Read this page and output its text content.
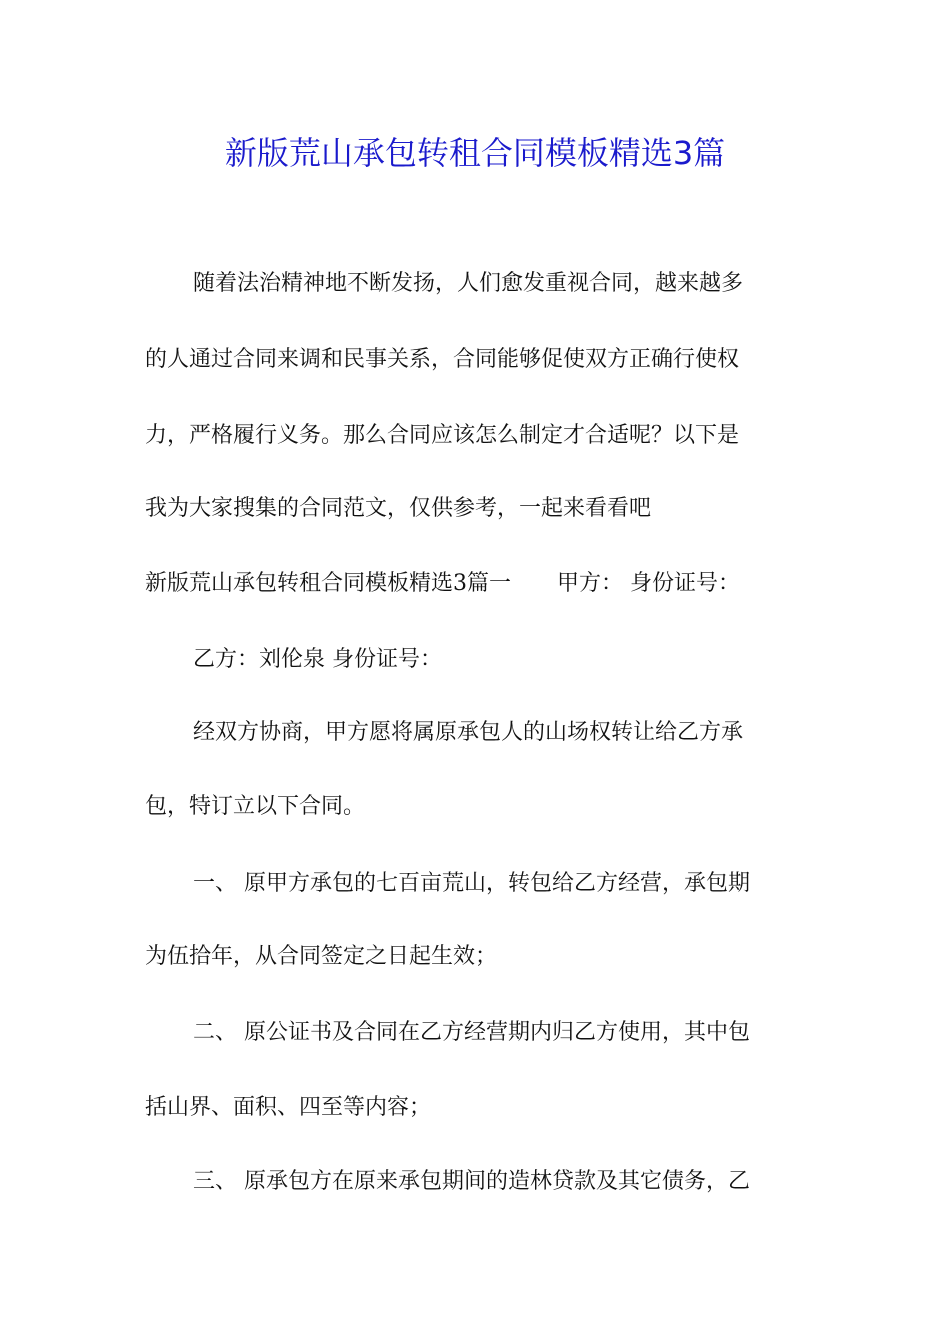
新版荒山承包转租合同模板精选3篇

随着法治精神地不断发扬，人们愈发重视合同，越来越多

的人通过合同来调和民事关系，合同能够促使双方正确行使权

力，严格履行义务。那么合同应该怎么制定才合适呢？以下是

我为大家搜集的合同范文，仅供参考，一起来看看吧

新版荒山承包转租合同模板精选3篇一 甲方： 身份证号：

乙方：刘伦泉 身份证号：

经双方协商，甲方愿将属原承包人的山场权转让给乙方承

包，特订立以下合同。

一、 原甲方承包的七百亩荒山，转包给乙方经营，承包期

为伍拾年，从合同签定之日起生效；

二、 原公证书及合同在乙方经营期内归乙方使用，其中包

括山界、面积、四至等内容；

三、 原承包方在原来承包期间的造林贷款及其它债务，乙
